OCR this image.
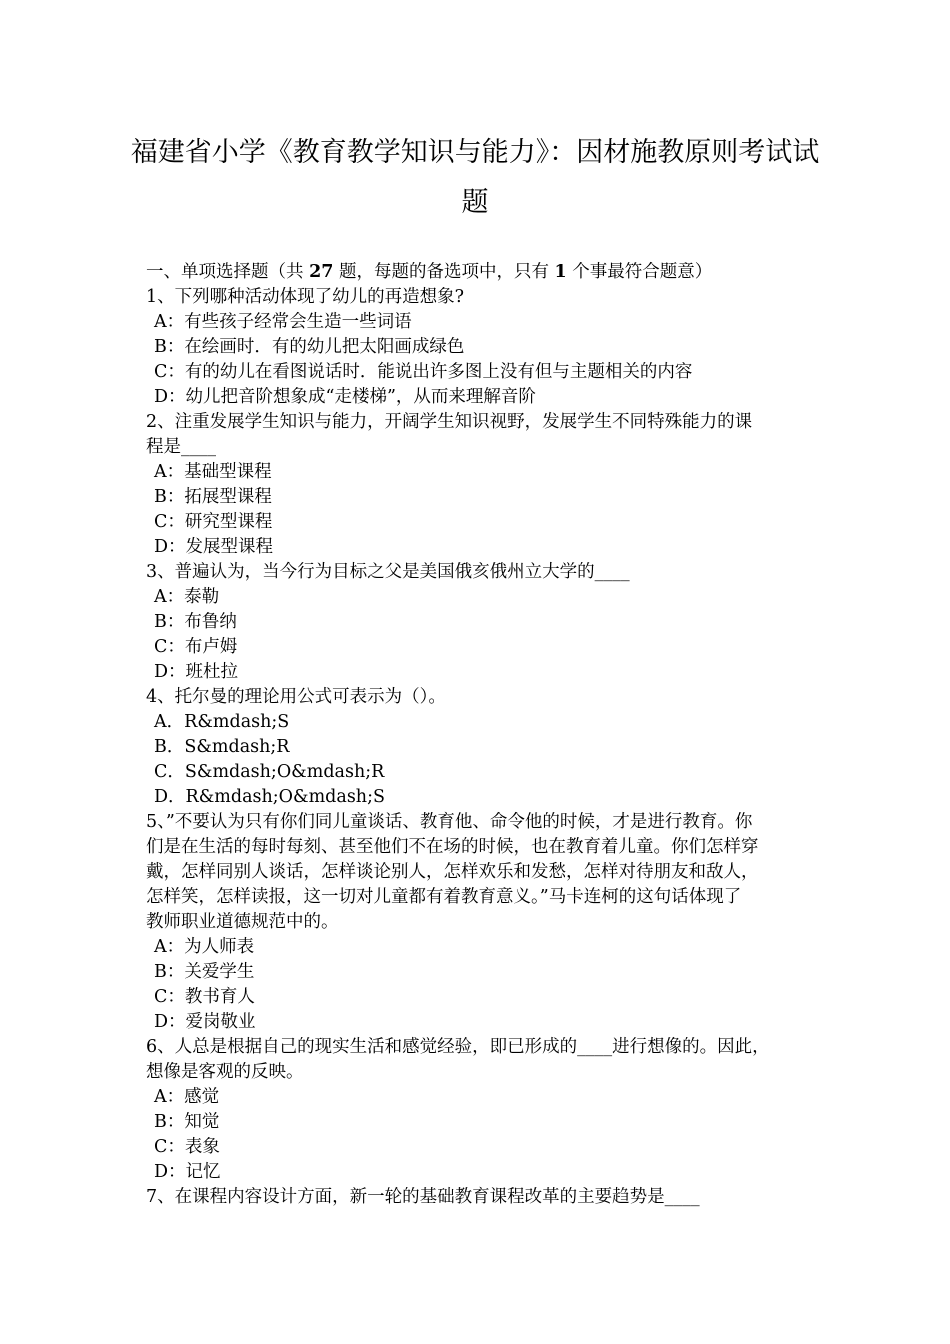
福建省小学《教育教学知识与能力》：因材施教原则考试试
题
一、单项选择题（共 27 题，每题的备选项中，只有 1 个事最符合题意）
1、下列哪种活动体现了幼儿的再造想象?
A：有些孩子经常会生造一些词语
B：在绘画时．有的幼儿把太阳画成绿色
C：有的幼儿在看图说话时．能说出许多图上没有但与主题相关的内容
D：幼儿把音阶想象成“走楼梯”，从而来理解音阶
2、注重发展学生知识与能力，开阔学生知识视野，发展学生不同特殊能力的课
程是____
A：基础型课程
B：拓展型课程
C：研究型课程
D：发展型课程
3、普遍认为，当今行为目标之父是美国俄亥俄州立大学的____
A：泰勒
B：布鲁纳
C：布卢姆
D：班杜拉
4、托尔曼的理论用公式可表示为（）。
A．R&mdash;S
B．S&mdash;R
C．S&mdash;O&mdash;R
D．R&mdash;O&mdash;S
5、”不要认为只有你们同儿童谈话、教育他、命令他的时候，才是进行教育。你
们是在生活的每时每刻、甚至他们不在场的时候，也在教育着儿童。你们怎样穿
戴，怎样同别人谈话，怎样谈论别人，怎样欢乐和发愁，怎样对待朋友和敌人，
怎样笑，怎样读报，这一切对儿童都有着教育意义。”马卡连柯的这句话体现了
教师职业道德规范中的。
A：为人师表
B：关爱学生
C：教书育人
D：爱岗敬业
6、人总是根据自己的现实生活和感觉经验，即已形成的____进行想像的。因此，
想像是客观的反映。
A：感觉
B：知觉
C：表象
D：记忆
7、在课程内容设计方面，新一轮的基础教育课程改革的主要趋势是____
